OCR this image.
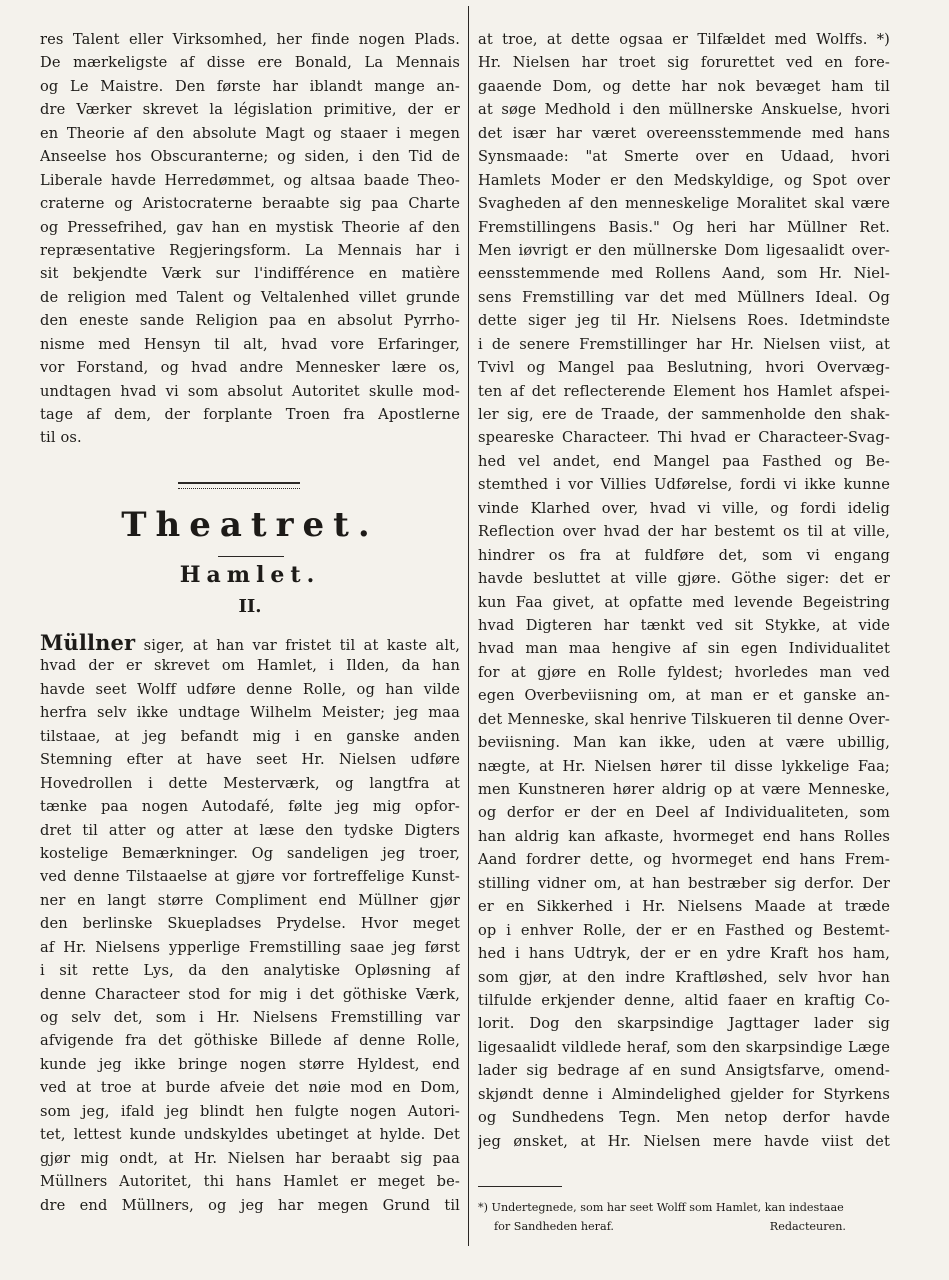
res Talent eller Virksomhed, her finde nogen Plads.
De mærkeligste af disse ere Bonald, La Mennais
og Le Maistre. Den første har iblandt mange an-
dre Værker skrevet la législation primitive, der er
en Theorie af den absolute Magt og staaer i megen
Anseelse hos Obscuranterne; og siden, i den Tid de
Liberale havde Herredømmet, og altsaa baade Theo-
craterne og Aristocraterne beraabte sig paa Charte
og Pressefrihed, gav han en mystisk Theorie af den
repræsentative Regjeringsform. La Mennais har i
sit bekjendte Værk sur l'indifférence en matière
de religion med Talent og Veltalenhed villet grunde
den eneste sande Religion paa en absolut Pyrrho-
nisme med Hensyn til alt, hvad vore Erfaringer,
vor Forstand, og hvad andre Mennesker lære os,
undtagen hvad vi som absolut Autoritet skulle mod-
tage af dem, der forplante Troen fra Apostlerne
til os.
Theatret.
Hamlet.
II.
Müllner siger, at han var fristet til at kaste alt,
hvad der er skrevet om Hamlet, i Ilden, da han
havde seet Wolff udføre denne Rolle, og han vilde
herfra selv ikke undtage Wilhelm Meister; jeg maa
tilstaae, at jeg befandt mig i en ganske anden
Stemning efter at have seet Hr. Nielsen udføre
Hovedrollen i dette Mesterværk, og langtfra at
tænke paa nogen Autodafé, følte jeg mig opfor-
dret til atter og atter at læse den tydske Digters
kostelige Bemærkninger. Og sandeligen jeg troer,
ved denne Tilstaaelse at gjøre vor fortreffelige Kunst-
ner en langt større Compliment end Müllner gjør
den berlinske Skuepladses Prydelse. Hvor meget
af Hr. Nielsens ypperlige Fremstilling saae jeg først
i sit rette Lys, da den analytiske Opløsning af
denne Characteer stod for mig i det göthiske Værk,
og selv det, som i Hr. Nielsens Fremstilling var
afvigende fra det göthiske Billede af denne Rolle,
kunde jeg ikke bringe nogen større Hyldest, end
ved at troe at burde afveie det nøie mod en Dom,
som jeg, ifald jeg blindt hen fulgte nogen Autori-
tet, lettest kunde undskyldes ubetinget at hylde. Det
gjør mig ondt, at Hr. Nielsen har beraabt sig paa
Müllners Autoritet, thi hans Hamlet er meget be-
dre end Müllners, og jeg har megen Grund til
at troe, at dette ogsaa er Tilfældet med Wolffs. *)
Hr. Nielsen har troet sig forurettet ved en fore-
gaaende Dom, og dette har nok bevæget ham til
at søge Medhold i den müllnerske Anskuelse, hvori
det især har været overeensstemmende med hans
Synsmaade: "at Smerte over en Udaad, hvori
Hamlets Moder er den Medskyldige, og Spot over
Svagheden af den menneskelige Moralitet skal være
Fremstillingens Basis." Og heri har Müllner Ret.
Men iøvrigt er den müllnerske Dom ligesaalidt over-
eensstemmende med Rollens Aand, som Hr. Niel-
sens Fremstilling var det med Müllners Ideal. Og
dette siger jeg til Hr. Nielsens Roes. Idetmindste
i de senere Fremstillinger har Hr. Nielsen viist, at
Tvivl og Mangel paa Beslutning, hvori Overvæg-
ten af det reflecterende Element hos Hamlet afspei-
ler sig, ere de Traade, der sammenholde den shak-
speareske Characteer. Thi hvad er Characteer-Svag-
hed vel andet, end Mangel paa Fasthed og Be-
stemthed i vor Villies Udførelse, fordi vi ikke kunne
vinde Klarhed over, hvad vi ville, og fordi idelig
Reflection over hvad der har bestemt os til at ville,
hindrer os fra at fuldføre det, som vi engang
havde besluttet at ville gjøre. Göthe siger: det er
kun Faa givet, at opfatte med levende Begeistring
hvad Digteren har tænkt ved sit Stykke, at vide
hvad man maa hengive af sin egen Individualitet
for at gjøre en Rolle fyldest; hvorledes man ved
egen Overbeviisning om, at man er et ganske an-
det Menneske, skal henrive Tilskueren til denne Over-
beviisning. Man kan ikke, uden at være ubillig,
nægte, at Hr. Nielsen hører til disse lykkelige Faa;
men Kunstneren hører aldrig op at være Menneske,
og derfor er der en Deel af Individualiteten, som
han aldrig kan afkaste, hvormeget end hans Rolles
Aand fordrer dette, og hvormeget end hans Frem-
stilling vidner om, at han bestræber sig derfor. Der
er en Sikkerhed i Hr. Nielsens Maade at træde
op i enhver Rolle, der er en Fasthed og Bestemt-
hed i hans Udtryk, der er en ydre Kraft hos ham,
som gjør, at den indre Kraftløshed, selv hvor han
tilfulde erkjender denne, altid faaer en kraftig Co-
lorit. Dog den skarpsindige Jagttager lader sig
ligesaalidt vildlede heraf, som den skarpsindige Læge
lader sig bedrage af en sund Ansigtsfarve, omend-
skjøndt denne i Almindelighed gjelder for Styrkens
og Sundhedens Tegn. Men netop derfor havde
jeg ønsket, at Hr. Nielsen mere havde viist det
*) Undertegnede, som har seet Wolff som Hamlet, kan indestaae
for Sandheden heraf.	Redacteuren.
